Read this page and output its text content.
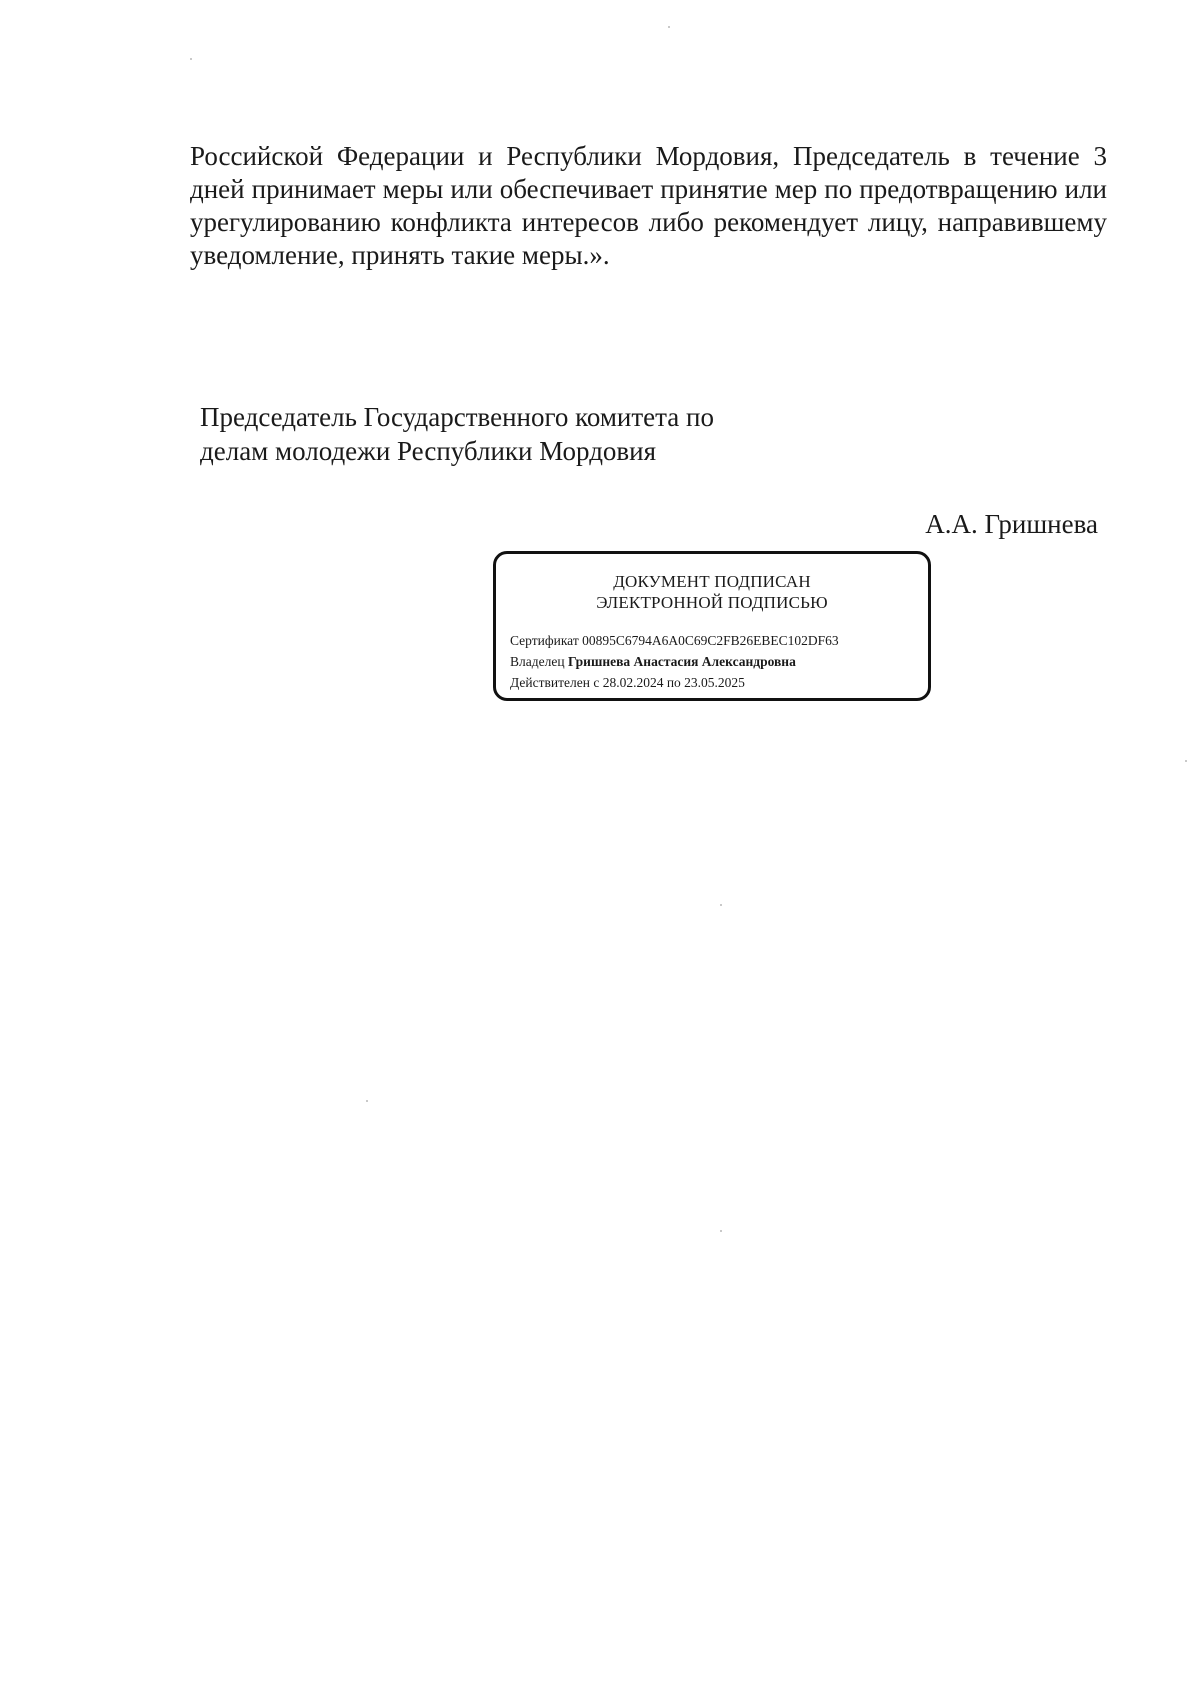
Российской Федерации и Республики Мордовия, Председатель в течение 3
дней принимает меры или обеспечивает принятие мер по предотвращению или
урегулированию конфликта интересов либо рекомендует лицу, направившему
уведомление, принять такие меры.».
Председатель Государственного комитета по
делам молодежи Республики Мордовия
А.А. Гришнева
ДОКУМЕНТ ПОДПИСАН
ЭЛЕКТРОННОЙ ПОДПИСЬЮ
Сертификат 00895C6794A6A0C69C2FB26EBEC102DF63
Владелец Гришнева Анастасия Александровна
Действителен с 28.02.2024 по 23.05.2025
